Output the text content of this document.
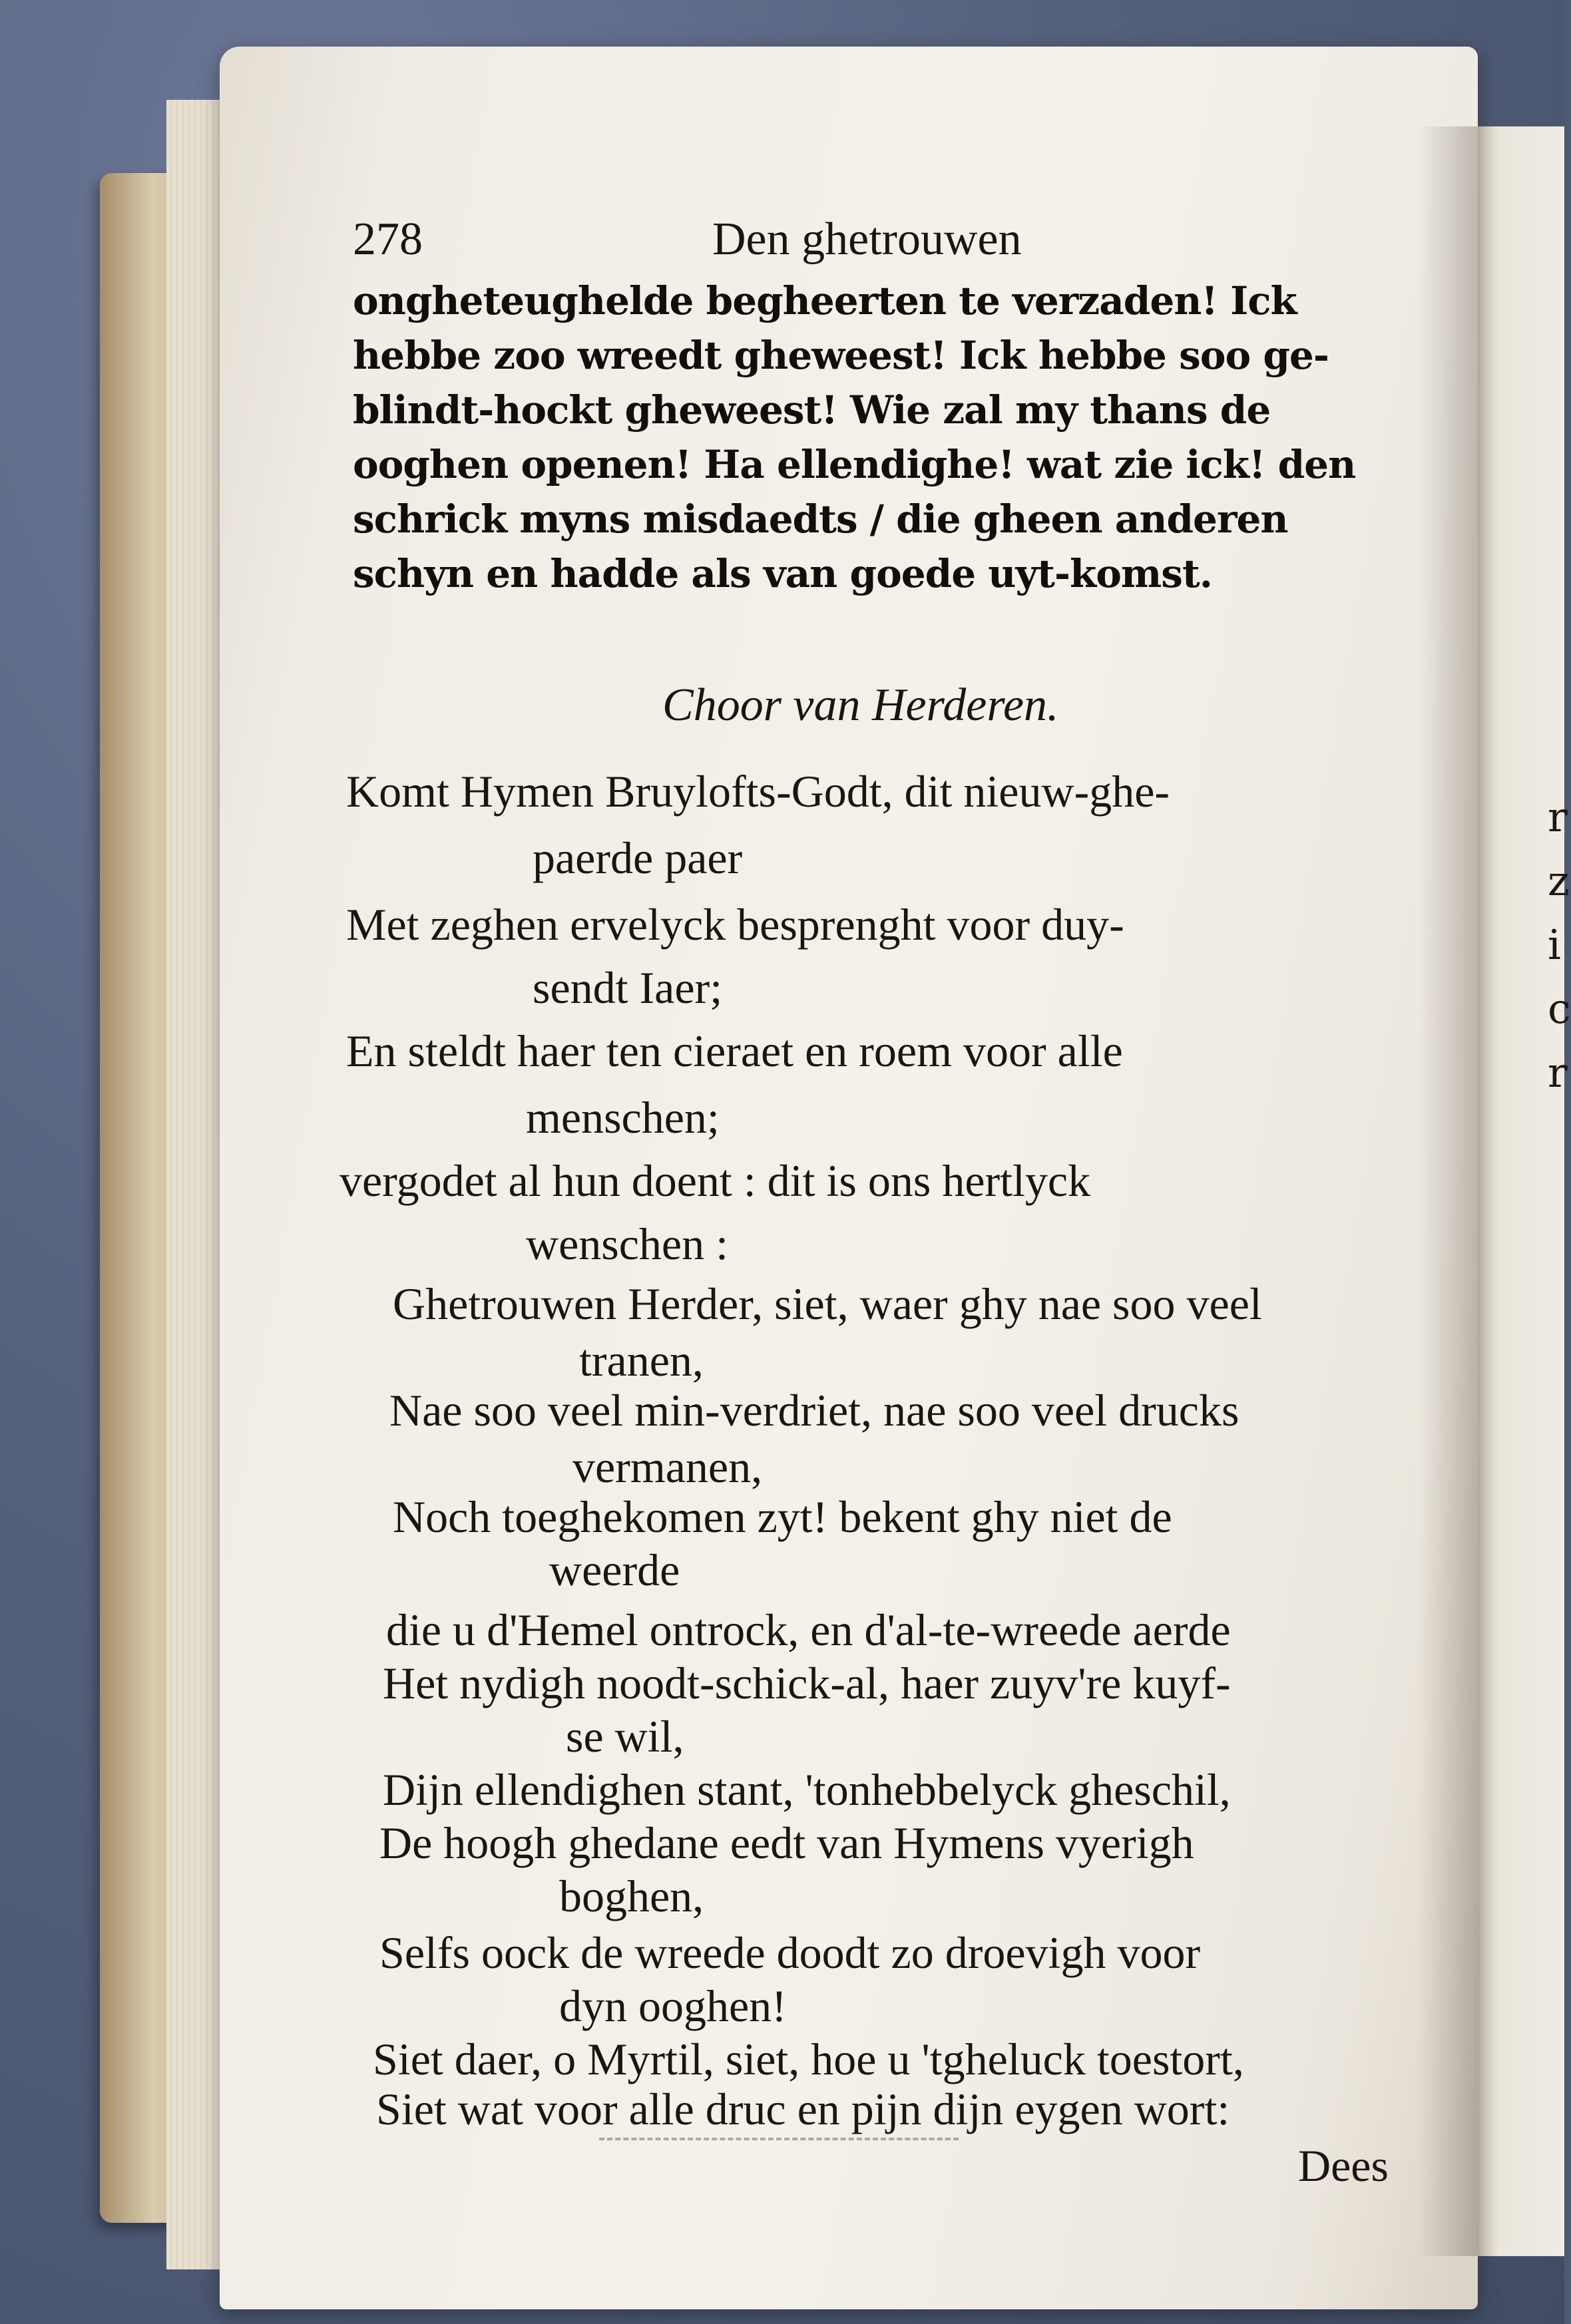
r
z
i
c
r
278	Den ghetrouwen
ongheteugheldе begheerten te verzaden! Ick
hebbe zoo wreedt gheweest! Ick hebbe soo ge-
blindt-hockt gheweest! Wie zal my thans de
ooghen openen! Ha ellendighe! wat zie ick! den
schrick myns misdaedts / die gheen anderen
schyn en hadde als van goede uyt-komst.
Choor van Herderen.
Komt Hymen Bruylofts-Godt, dit nieuw-ghe-
paerde paer
Met zeghen ervelyck besprenght voor duy-
sendt Iaer;
En steldt haer ten cieraet en roem voor alle
menschen;
vergodet al hun doent : dit is ons hertlyck
wenschen :
Ghetrouwen Herder, siet, waer ghy nae soo veel
tranen,
Nae soo veel min-verdriet, nae soo veel drucks
vermanen,
Noch toeghekomen zyt! bekent ghy niet de
weerde
die u d'Hemel ontrock, en d'al-te-wreede aerde
Het nydigh noodt-schick-al, haer zuyv're kuyf-
se wil,
Dijn ellendighen stant, 'tonhebbelyck gheschil,
De hoogh ghedane eedt van Hymens vyerigh
boghen,
Selfs oock de wreede doodt zo droevigh voor
dyn ooghen!
Siet daer, o Myrtil, siet, hoe u 'tgheluck toestort,
Siet wat voor alle druc en pijn dijn eygen wort:
Dees
